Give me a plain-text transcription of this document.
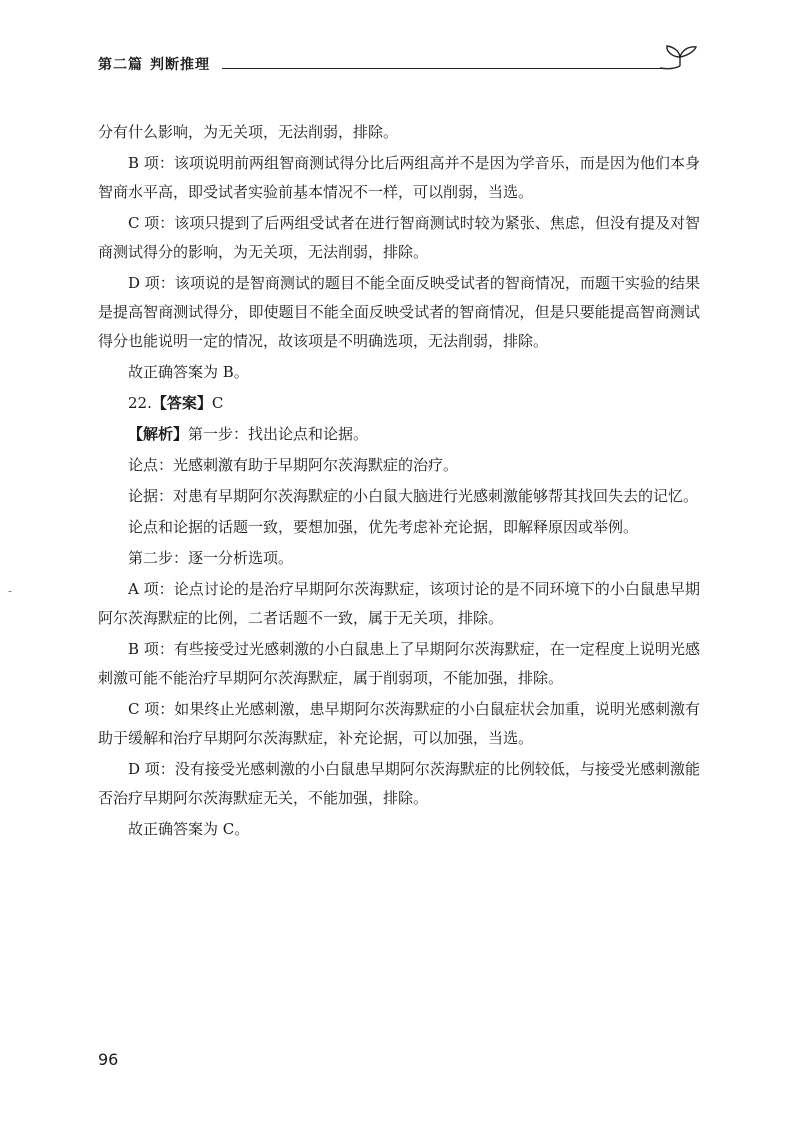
第二篇 判断推理
-

分有什么影响，为无关项，无法削弱，排除。

B 项：该项说明前两组智商测试得分比后两组高并不是因为学音乐，而是因为他们本身智商水平高，即受试者实验前基本情况不一样，可以削弱，当选。

C 项：该项只提到了后两组受试者在进行智商测试时较为紧张、焦虑，但没有提及对智商测试得分的影响，为无关项，无法削弱，排除。

D 项：该项说的是智商测试的题目不能全面反映受试者的智商情况，而题干实验的结果是提高智商测试得分，即使题目不能全面反映受试者的智商情况，但是只要能提高智商测试得分也能说明一定的情况，故该项是不明确选项，无法削弱，排除。

故正确答案为 B。

22.【答案】C

【解析】第一步：找出论点和论据。

论点：光感刺激有助于早期阿尔茨海默症的治疗。

论据：对患有早期阿尔茨海默症的小白鼠大脑进行光感刺激能够帮其找回失去的记忆。

论点和论据的话题一致，要想加强，优先考虑补充论据，即解释原因或举例。

第二步：逐一分析选项。

A 项：论点讨论的是治疗早期阿尔茨海默症，该项讨论的是不同环境下的小白鼠患早期阿尔茨海默症的比例，二者话题不一致，属于无关项，排除。

B 项：有些接受过光感刺激的小白鼠患上了早期阿尔茨海默症，在一定程度上说明光感刺激可能不能治疗早期阿尔茨海默症，属于削弱项，不能加强，排除。

C 项：如果终止光感刺激，患早期阿尔茨海默症的小白鼠症状会加重，说明光感刺激有助于缓解和治疗早期阿尔茨海默症，补充论据，可以加强，当选。

D 项：没有接受光感刺激的小白鼠患早期阿尔茨海默症的比例较低，与接受光感刺激能否治疗早期阿尔茨海默症无关，不能加强，排除。

故正确答案为 C。

96
